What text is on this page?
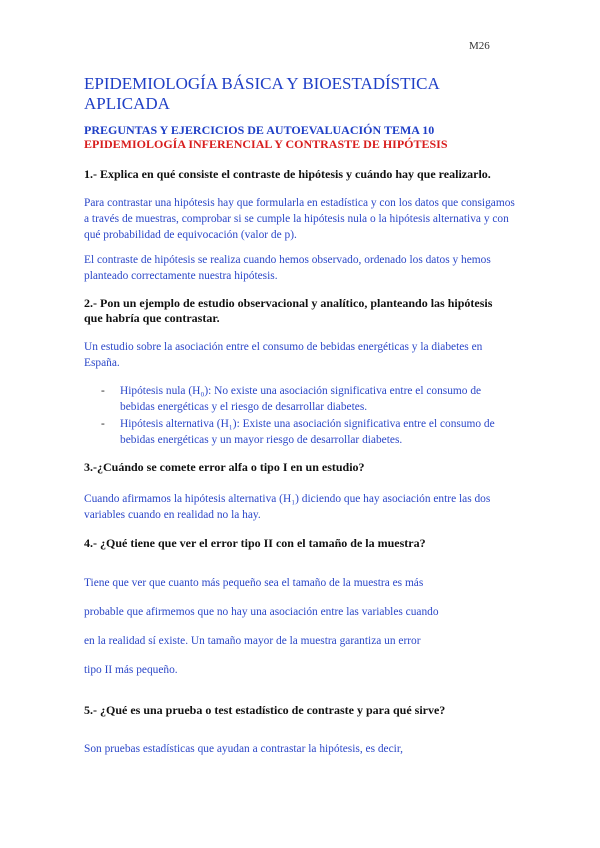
M26
EPIDEMIOLOGÍA BÁSICA Y BIOESTADÍSTICA APLICADA
PREGUNTAS Y EJERCICIOS DE AUTOEVALUACIÓN TEMA 10
EPIDEMIOLOGÍA INFERENCIAL Y CONTRASTE DE HIPÓTESIS
1.- Explica en qué consiste el contraste de hipótesis y cuándo hay que realizarlo.
Para contrastar una hipótesis hay que formularla en estadística y con los datos que consigamos a través de muestras, comprobar si se cumple la hipótesis nula o la hipótesis alternativa y con qué probabilidad de equivocación (valor de p).
El contraste de hipótesis se realiza cuando hemos observado, ordenado los datos y hemos planteado correctamente nuestra hipótesis.
2.- Pon un ejemplo de estudio observacional y analítico, planteando las hipótesis que habría que contrastar.
Un estudio sobre la asociación entre el consumo de bebidas energéticas y la diabetes en España.
- Hipótesis nula (H₀): No existe una asociación significativa entre el consumo de bebidas energéticas y el riesgo de desarrollar diabetes.
- Hipótesis alternativa (H₁): Existe una asociación significativa entre el consumo de bebidas energéticas y un mayor riesgo de desarrollar diabetes.
3.-¿Cuándo se comete error alfa o tipo I en un estudio?
Cuando afirmamos la hipótesis alternativa (H₁) diciendo que hay asociación entre las dos variables cuando en realidad no la hay.
4.- ¿Qué tiene que ver el error tipo II con el tamaño de la muestra?
Tiene que ver que cuanto más pequeño sea el tamaño de la muestra es más
probable que afirmemos que no hay una asociación entre las variables cuando
en la realidad sí existe. Un tamaño mayor de la muestra garantiza un error
tipo II más pequeño.
5.- ¿Qué es una prueba o test estadístico de contraste y para qué sirve?
Son pruebas estadísticas que ayudan a contrastar la hipótesis, es decir,
